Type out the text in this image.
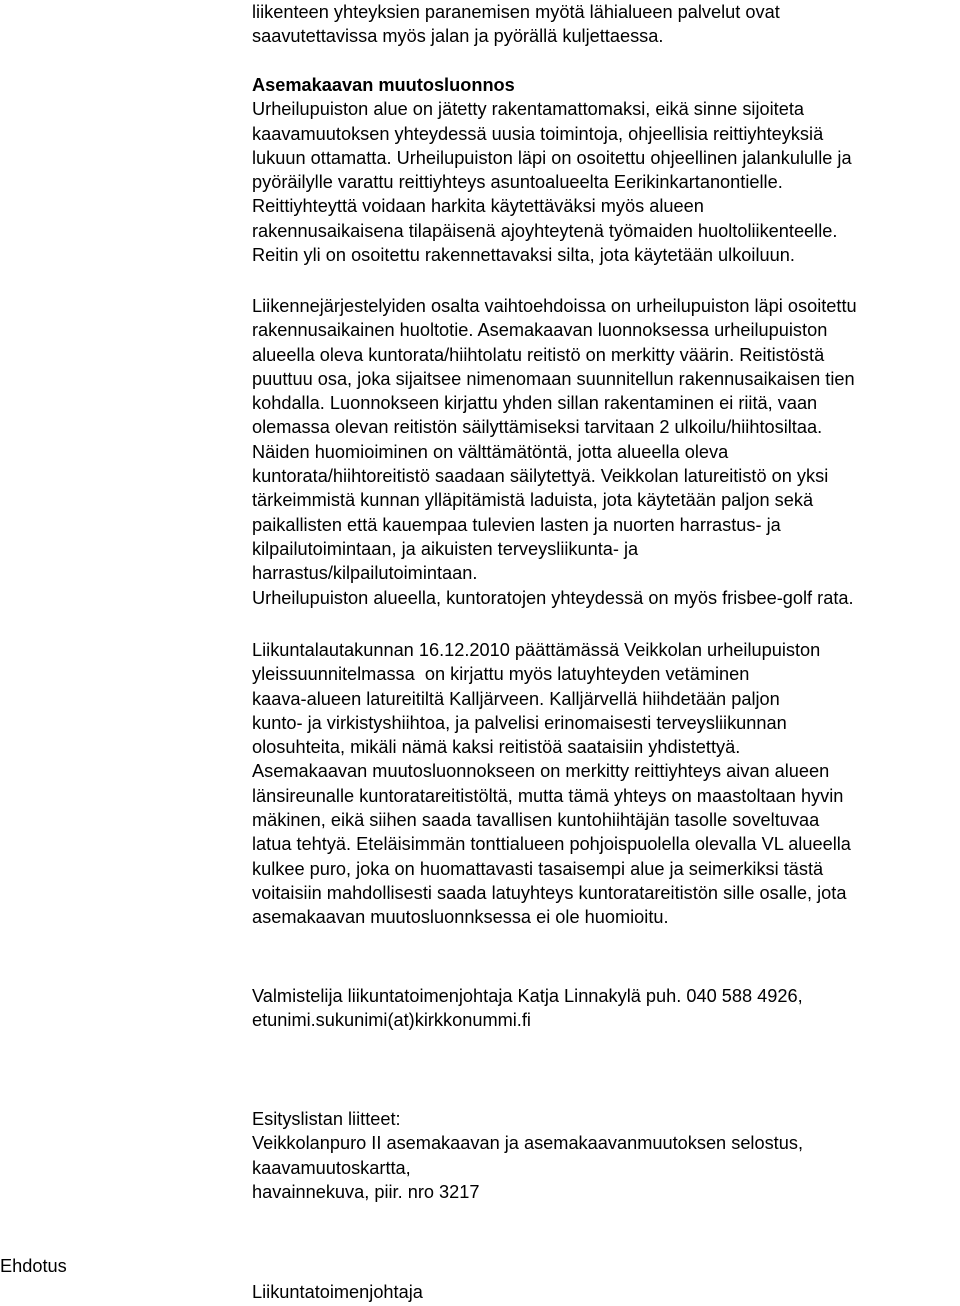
liikenteen yhteyksien paranemisen myötä lähialueen palvelut ovat
saavutettavissa myös jalan ja pyörällä kuljettaessa.
Asemakaavan muutosluonnos
Urheilupuiston alue on jätetty rakentamattomaksi, eikä sinne sijoiteta
kaavamuutoksen yhteydessä uusia toimintoja, ohjeellisia reittiyhteyksiä
lukuun ottamatta. Urheilupuiston läpi on osoitettu ohjeellinen jalankululle ja
pyöräilylle varattu reittiyhteys asuntoalueelta Eerikinkartanontielle.
Reittiyhteyttä voidaan harkita käytettäväksi myös alueen
rakennusaikaisena tilapäisenä ajoyhteytenä työmaiden huoltoliikenteelle.
Reitin yli on osoitettu rakennettavaksi silta, jota käytetään ulkoiluun.
Liikennejärjestelyiden osalta vaihtoehdoissa on urheilupuiston läpi osoitettu
rakennusaikainen huoltotie. Asemakaavan luonnoksessa urheilupuiston
alueella oleva kuntorata/hiihtolatu reitistö on merkitty väärin. Reitistöstä
puuttuu osa, joka sijaitsee nimenomaan suunnitellun rakennusaikaisen tien
kohdalla. Luonnokseen kirjattu yhden sillan rakentaminen ei riitä, vaan
olemassa olevan reitistön säilyttämiseksi tarvitaan 2 ulkoilu/hiihtosiltaa.
Näiden huomioiminen on välttämätöntä, jotta alueella oleva
kuntorata/hiihtoreitistö saadaan säilytettyä. Veikkolan latureitistö on yksi
tärkeimmistä kunnan ylläpitämistä laduista, jota käytetään paljon sekä
paikallisten että kauempaa tulevien lasten ja nuorten harrastus- ja
kilpailutoimintaan, ja aikuisten terveysliikunta- ja
harrastus/kilpailutoimintaan.
Urheilupuiston alueella, kuntoratojen yhteydessä on myös frisbee-golf rata.
Liikuntalautakunnan 16.12.2010 päättämässä Veikkolan urheilupuiston
yleissuunnitelmassa  on kirjattu myös latuyhteyden vetäminen
kaava-alueen latureitiltä Kalljärveen. Kalljärvellä hiihdetään paljon
kunto- ja virkistyshiihtoa, ja palvelisi erinomaisesti terveysliikunnan
olosuhteita, mikäli nämä kaksi reitistöä saataisiin yhdistettyä.
Asemakaavan muutosluonnokseen on merkitty reittiyhteys aivan alueen
länsireunalle kuntoratareitistöltä, mutta tämä yhteys on maastoltaan hyvin
mäkinen, eikä siihen saada tavallisen kuntohiihtäjän tasolle soveltuvaa
latua tehtyä. Eteläisimmän tonttialueen pohjoispuolella olevalla VL alueella
kulkee puro, joka on huomattavasti tasaisempi alue ja seimerkiksi tästä
voitaisiin mahdollisesti saada latuyhteys kuntoratareitistön sille osalle, jota
asemakaavan muutosluonnksessa ei ole huomioitu.
Valmistelija liikuntatoimenjohtaja Katja Linnakylä puh. 040 588 4926,
etunimi.sukunimi(at)kirkkonummi.fi
Esityslistan liitteet:
Veikkolanpuro II asemakaavan ja asemakaavanmuutoksen selostus,
kaavamuutoskartta,
havainnekuva, piir. nro 3217

Ehdotus

Liikuntatoimenjohtaja
